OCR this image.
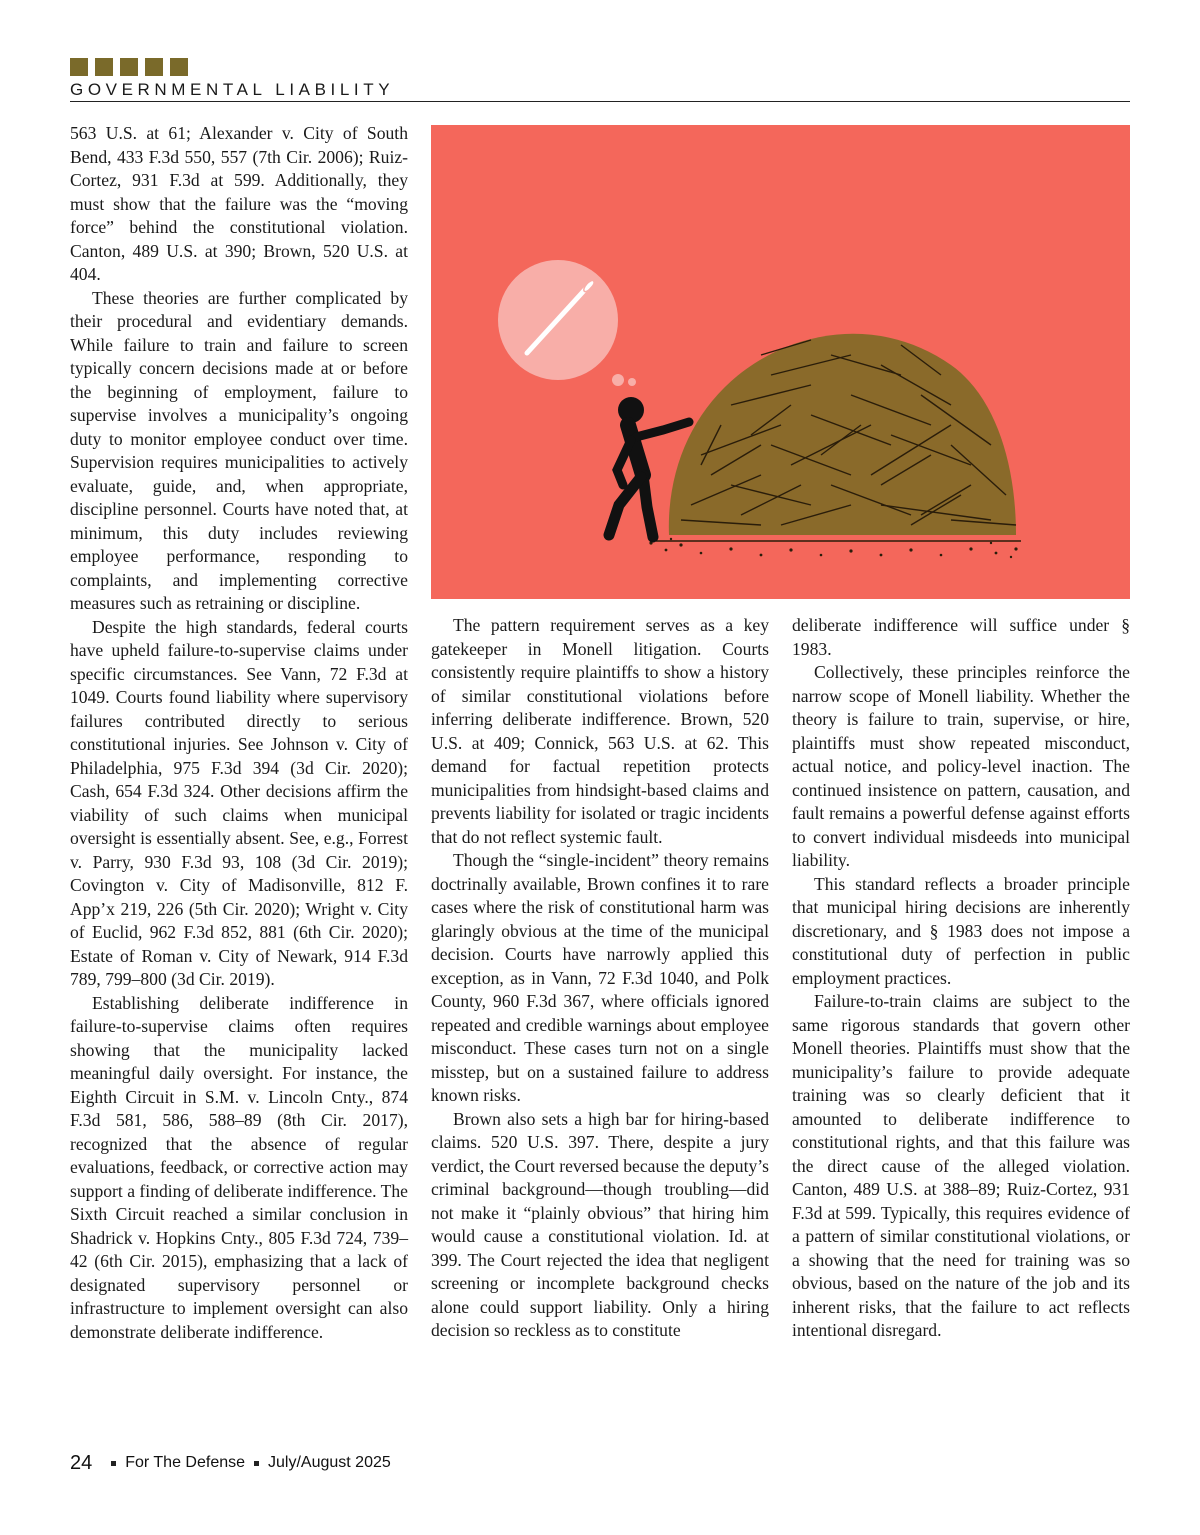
GOVERNMENTAL LIABILITY

563 U.S. at 61; Alexander v. City of South Bend, 433 F.3d 550, 557 (7th Cir. 2006); Ruiz-Cortez, 931 F.3d at 599. Additionally, they must show that the failure was the “moving force” behind the constitutional violation. Canton, 489 U.S. at 390; Brown, 520 U.S. at 404.

These theories are further complicated by their procedural and evidentiary demands. While failure to train and failure to screen typically concern decisions made at or before the beginning of employment, failure to supervise involves a municipality’s ongoing duty to monitor employee conduct over time. Supervision requires municipalities to actively evaluate, guide, and, when appropriate, discipline personnel. Courts have noted that, at minimum, this duty includes reviewing employee performance, responding to complaints, and implementing corrective measures such as retraining or discipline.

Despite the high standards, federal courts have upheld failure-to-supervise claims under specific circumstances. See Vann, 72 F.3d at 1049. Courts found liability where supervisory failures contributed directly to serious constitutional injuries. See Johnson v. City of Philadelphia, 975 F.3d 394 (3d Cir. 2020); Cash, 654 F.3d 324. Other decisions affirm the viability of such claims when municipal oversight is essentially absent. See, e.g., Forrest v. Parry, 930 F.3d 93, 108 (3d Cir. 2019); Covington v. City of Madisonville, 812 F. App’x 219, 226 (5th Cir. 2020); Wright v. City of Euclid, 962 F.3d 852, 881 (6th Cir. 2020); Estate of Roman v. City of Newark, 914 F.3d 789, 799–800 (3d Cir. 2019).

Establishing deliberate indifference in failure-to-supervise claims often requires showing that the municipality lacked meaningful daily oversight. For instance, the Eighth Circuit in S.M. v. Lincoln Cnty., 874 F.3d 581, 586, 588–89 (8th Cir. 2017), recognized that the absence of regular evaluations, feedback, or corrective action may support a finding of deliberate indifference. The Sixth Circuit reached a similar conclusion in Shadrick v. Hopkins Cnty., 805 F.3d 724, 739–42 (6th Cir. 2015), emphasizing that a lack of designated supervisory personnel or infrastructure to implement oversight can also demonstrate deliberate indifference.

The pattern requirement serves as a key gatekeeper in Monell litigation. Courts consistently require plaintiffs to show a history of similar constitutional violations before inferring deliberate indifference. Brown, 520 U.S. at 409; Connick, 563 U.S. at 62. This demand for factual repetition protects municipalities from hindsight-based claims and prevents liability for isolated or tragic incidents that do not reflect systemic fault.

Though the “single-incident” theory remains doctrinally available, Brown confines it to rare cases where the risk of constitutional harm was glaringly obvious at the time of the municipal decision. Courts have narrowly applied this exception, as in Vann, 72 F.3d 1040, and Polk County, 960 F.3d 367, where officials ignored repeated and credible warnings about employee misconduct. These cases turn not on a single misstep, but on a sustained failure to address known risks.

Brown also sets a high bar for hiring-based claims. 520 U.S. 397. There, despite a jury verdict, the Court reversed because the deputy’s criminal background—though troubling—did not make it “plainly obvious” that hiring him would cause a constitutional violation. Id. at 399. The Court rejected the idea that negligent screening or incomplete background checks alone could support liability. Only a hiring decision so reckless as to constitute

deliberate indifference will suffice under § 1983.

Collectively, these principles reinforce the narrow scope of Monell liability. Whether the theory is failure to train, supervise, or hire, plaintiffs must show repeated misconduct, actual notice, and policy-level inaction. The continued insistence on pattern, causation, and fault remains a powerful defense against efforts to convert individual misdeeds into municipal liability.

This standard reflects a broader principle that municipal hiring decisions are inherently discretionary, and § 1983 does not impose a constitutional duty of perfection in public employment practices.

Failure-to-train claims are subject to the same rigorous standards that govern other Monell theories. Plaintiffs must show that the municipality’s failure to provide adequate training was so clearly deficient that it amounted to deliberate indifference to constitutional rights, and that this failure was the direct cause of the alleged violation. Canton, 489 U.S. at 388–89; Ruiz-Cortez, 931 F.3d at 599. Typically, this requires evidence of a pattern of similar constitutional violations, or a showing that the need for training was so obvious, based on the nature of the job and its inherent risks, that the failure to act reflects intentional disregard.

24 For The Defense July/August 2025
